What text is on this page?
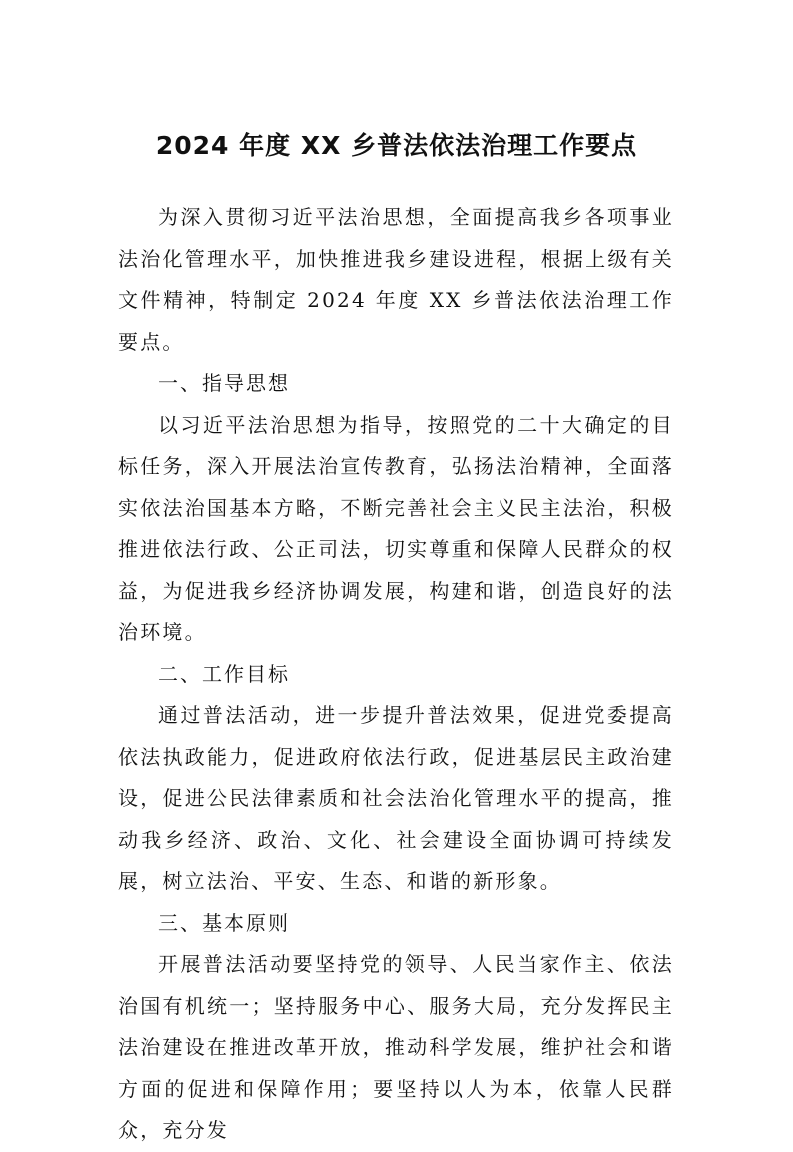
2024 年度 XX 乡普法依法治理工作要点

为深入贯彻习近平法治思想，全面提高我乡各项事业法治化管理水平，加快推进我乡建设进程，根据上级有关文件精神，特制定 2024 年度 XX 乡普法依法治理工作要点。

一、指导思想

以习近平法治思想为指导，按照党的二十大确定的目标任务，深入开展法治宣传教育，弘扬法治精神，全面落实依法治国基本方略，不断完善社会主义民主法治，积极推进依法行政、公正司法，切实尊重和保障人民群众的权益，为促进我乡经济协调发展，构建和谐，创造良好的法治环境。

二、工作目标

通过普法活动，进一步提升普法效果，促进党委提高依法执政能力，促进政府依法行政，促进基层民主政治建设，促进公民法律素质和社会法治化管理水平的提高，推动我乡经济、政治、文化、社会建设全面协调可持续发展，树立法治、平安、生态、和谐的新形象。

三、基本原则

开展普法活动要坚持党的领导、人民当家作主、依法治国有机统一；坚持服务中心、服务大局，充分发挥民主法治建设在推进改革开放，推动科学发展，维护社会和谐方面的促进和保障作用；要坚持以人为本，依靠人民群众，充分发
